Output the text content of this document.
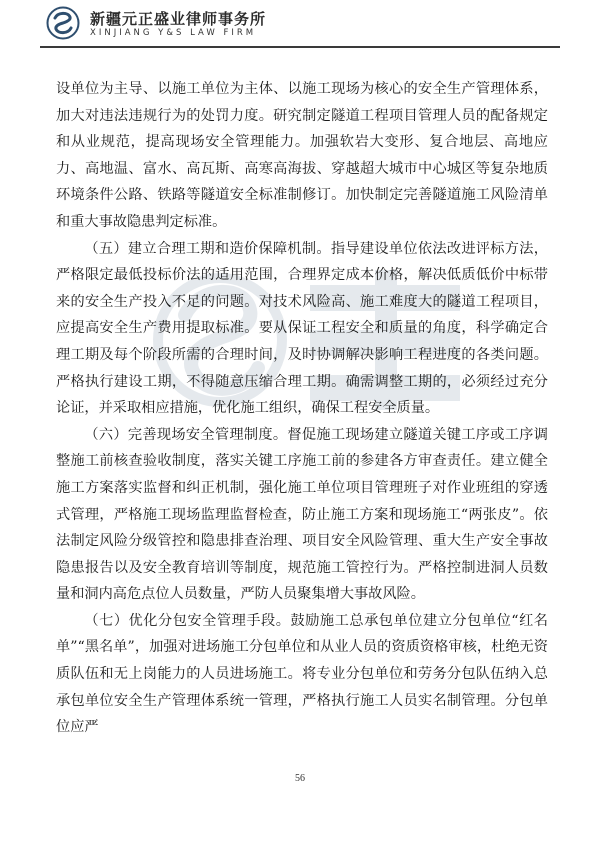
新疆元正盛业律师事务所
XINJIANG Y&S LAW FIRM

设单位为主导、以施工单位为主体、以施工现场为核心的安全生产管理体系，加大对违法违规行为的处罚力度。研究制定隧道工程项目管理人员的配备规定和从业规范，提高现场安全管理能力。加强软岩大变形、复合地层、高地应力、高地温、富水、高瓦斯、高寒高海拔、穿越超大城市中心城区等复杂地质环境条件公路、铁路等隧道安全标准制修订。加快制定完善隧道施工风险清单和重大事故隐患判定标准。

（五）建立合理工期和造价保障机制。指导建设单位依法改进评标方法，严格限定最低投标价法的适用范围，合理界定成本价格，解决低质低价中标带来的安全生产投入不足的问题。对技术风险高、施工难度大的隧道工程项目，应提高安全生产费用提取标准。要从保证工程安全和质量的角度，科学确定合理工期及每个阶段所需的合理时间，及时协调解决影响工程进度的各类问题。严格执行建设工期，不得随意压缩合理工期。确需调整工期的，必须经过充分论证，并采取相应措施，优化施工组织，确保工程安全质量。

（六）完善现场安全管理制度。督促施工现场建立隧道关键工序或工序调整施工前核查验收制度，落实关键工序施工前的参建各方审查责任。建立健全施工方案落实监督和纠正机制，强化施工单位项目管理班子对作业班组的穿透式管理，严格施工现场监理监督检查，防止施工方案和现场施工“两张皮”。依法制定风险分级管控和隐患排查治理、项目安全风险管理、重大生产安全事故隐患报告以及安全教育培训等制度，规范施工管控行为。严格控制进洞人员数量和洞内高危点位人员数量，严防人员聚集增大事故风险。

（七）优化分包安全管理手段。鼓励施工总承包单位建立分包单位“红名单”“黑名单”，加强对进场施工分包单位和从业人员的资质资格审核，杜绝无资质队伍和无上岗能力的人员进场施工。将专业分包单位和劳务分包队伍纳入总承包单位安全生产管理体系统一管理，严格执行施工人员实名制管理。分包单位应严

56
